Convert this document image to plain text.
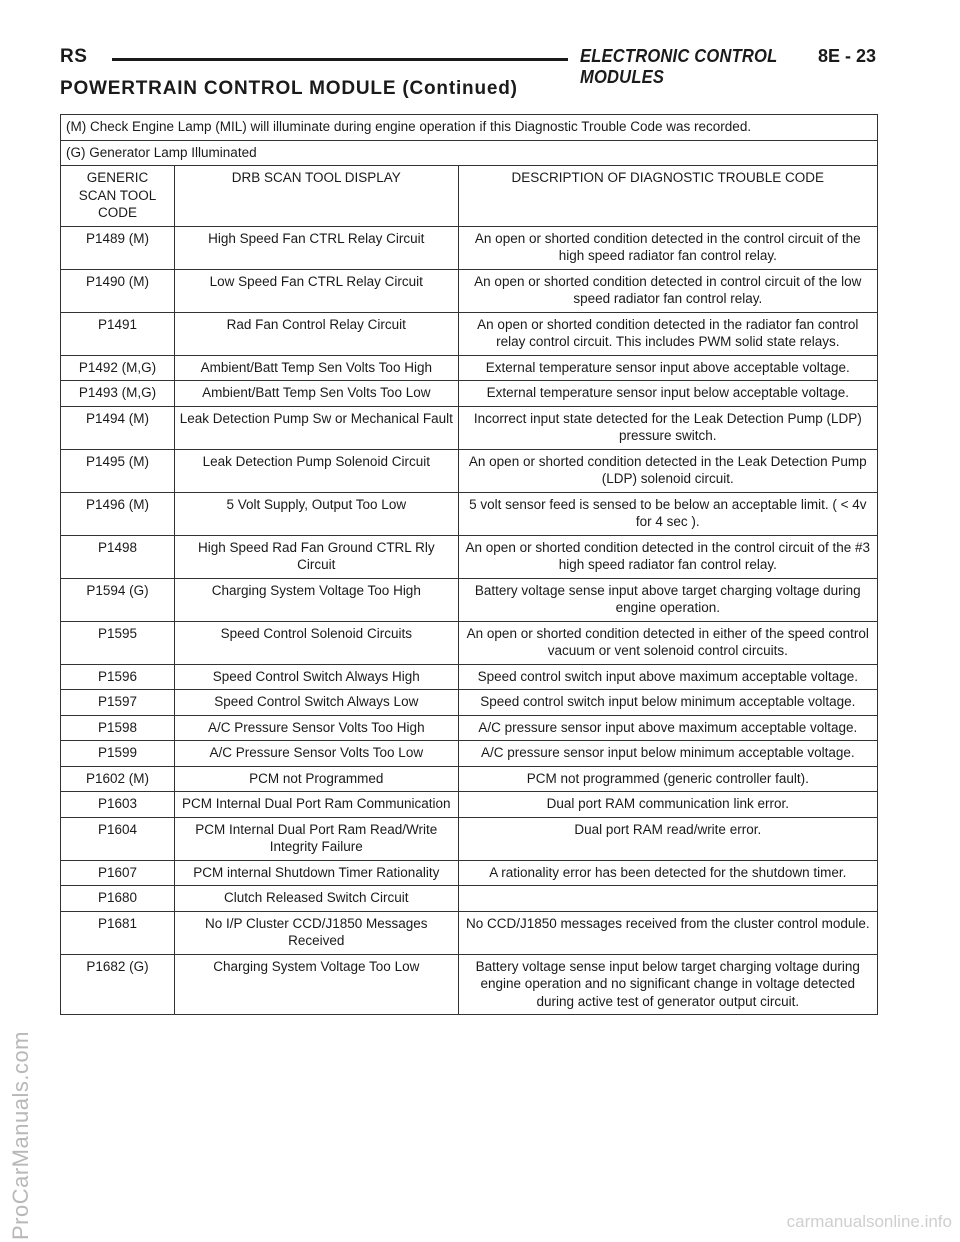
RS	ELECTRONIC CONTROL MODULES
8E - 23
POWERTRAIN CONTROL MODULE (Continued)
(M) Check Engine Lamp (MIL) will illuminate during engine operation if this Diagnostic Trouble Code was recorded.		
(G) Generator Lamp Illuminated		
GENERIC SCAN TOOL CODE	DRB SCAN TOOL DISPLAY	DESCRIPTION OF DIAGNOSTIC TROUBLE CODE
P1489 (M)	High Speed Fan CTRL Relay Circuit	An open or shorted condition detected in the control circuit of the high speed radiator fan control relay.
P1490 (M)	Low Speed Fan CTRL Relay Circuit	An open or shorted condition detected in control circuit of the low speed radiator fan control relay.
P1491	Rad Fan Control Relay Circuit	An open or shorted condition detected in the radiator fan control relay control circuit. This includes PWM solid state relays.
P1492 (M,G)	Ambient/Batt Temp Sen Volts Too High	External temperature sensor input above acceptable voltage.
P1493 (M,G)	Ambient/Batt Temp Sen Volts Too Low	External temperature sensor input below acceptable voltage.
P1494 (M)	Leak Detection Pump Sw or Mechanical Fault	Incorrect input state detected for the Leak Detection Pump (LDP) pressure switch.
P1495 (M)	Leak Detection Pump Solenoid Circuit	An open or shorted condition detected in the Leak Detection Pump (LDP) solenoid circuit.
P1496 (M)	5 Volt Supply, Output Too Low	5 volt sensor feed is sensed to be below an acceptable limit. ( < 4v for 4 sec ).
P1498	High Speed Rad Fan Ground CTRL Rly Circuit	An open or shorted condition detected in the control circuit of the #3 high speed radiator fan control relay.
P1594 (G)	Charging System Voltage Too High	Battery voltage sense input above target charging voltage during engine operation.
P1595	Speed Control Solenoid Circuits	An open or shorted condition detected in either of the speed control vacuum or vent solenoid control circuits.
P1596	Speed Control Switch Always High	Speed control switch input above maximum acceptable voltage.
P1597	Speed Control Switch Always Low	Speed control switch input below minimum acceptable voltage.
P1598	A/C Pressure Sensor Volts Too High	A/C pressure sensor input above maximum acceptable voltage.
P1599	A/C Pressure Sensor Volts Too Low	A/C pressure sensor input below minimum acceptable voltage.
P1602 (M)	PCM not Programmed	PCM not programmed (generic controller fault).
P1603	PCM Internal Dual Port Ram Communication	Dual port RAM communication link error.
P1604	PCM Internal Dual Port Ram Read/Write Integrity Failure	Dual port RAM read/write error.
P1607	PCM internal Shutdown Timer Rationality	A rationality error has been detected for the shutdown timer.
P1680	Clutch Released Switch Circuit	
P1681	No I/P Cluster CCD/J1850 Messages Received	No CCD/J1850 messages received from the cluster control module.
P1682 (G)	Charging System Voltage Too Low	Battery voltage sense input below target charging voltage during engine operation and no significant change in voltage detected during active test of generator output circuit.
ProCarManuals.com	carmanualsonline.info
